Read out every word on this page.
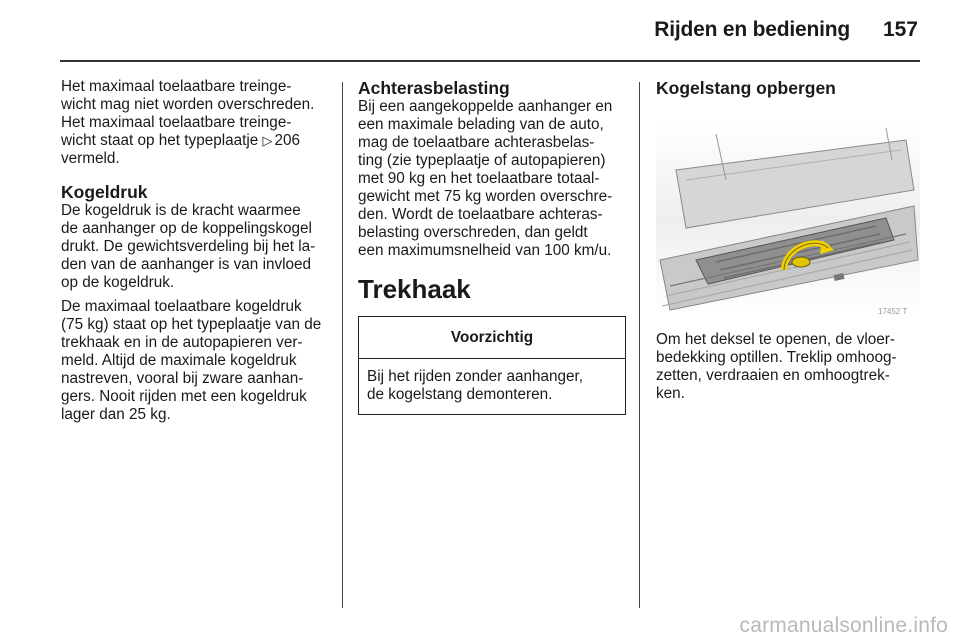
Rijden en bediening	157

Het maximaal toelaatbare treinge-
wicht mag niet worden overschreden.
Het maximaal toelaatbare treinge-
wicht staat op het typeplaatje ▷ 206
vermeld.

Kogeldruk

De kogeldruk is de kracht waarmee
de aanhanger op de koppelingskogel
drukt. De gewichtsverdeling bij het la-
den van de aanhanger is van invloed
op de kogeldruk.

De maximaal toelaatbare kogeldruk
(75 kg) staat op het typeplaatje van de
trekhaak en in de autopapieren ver-
meld. Altijd de maximale kogeldruk
nastreven, vooral bij zware aanhan-
gers. Nooit rijden met een kogeldruk
lager dan 25 kg.

Achterasbelasting

Bij een aangekoppelde aanhanger en
een maximale belading van de auto,
mag de toelaatbare achterasbelas-
ting (zie typeplaatje of autopapieren)
met 90 kg en het toelaatbare totaal-
gewicht met 75 kg worden overschre-
den. Wordt de toelaatbare achteras-
belasting overschreden, dan geldt
een maximumsnelheid van 100 km/u.

Trekhaak

Voorzichtig
Bij het rijden zonder aanhanger,
de kogelstang demonteren.

Kogelstang opbergen

17452 T

Om het deksel te openen, de vloer-
bedekking optillen. Treklip omhoog-
zetten, verdraaien en omhoogtrek-
ken.

carmanualsonline.info
